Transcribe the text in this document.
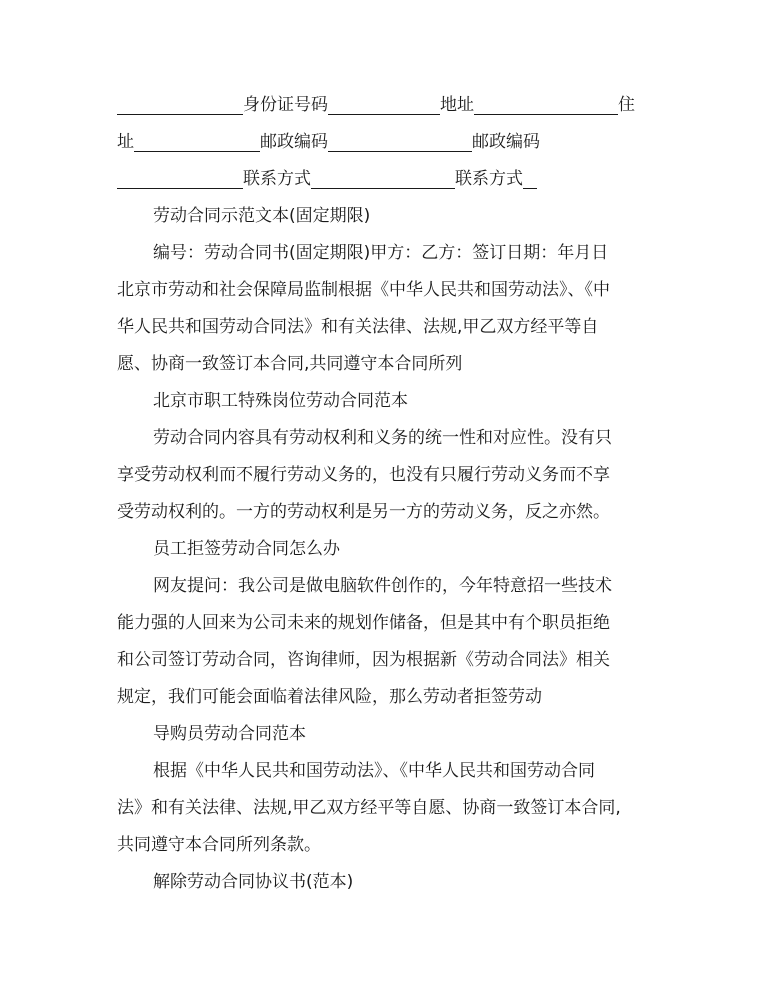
身份证号码	地址	住
址	邮政编码	邮政编码
联系方式	联系方式
劳动合同示范文本(固定期限)
编号：劳动合同书(固定期限)甲方：乙方：签订日期：年月日
北京市劳动和社会保障局监制根据《中华人民共和国劳动法》、《中
华人民共和国劳动合同法》和有关法律、法规,甲乙双方经平等自
愿、协商一致签订本合同,共同遵守本合同所列
北京市职工特殊岗位劳动合同范本
劳动合同内容具有劳动权利和义务的统一性和对应性。没有只
享受劳动权利而不履行劳动义务的，也没有只履行劳动义务而不享
受劳动权利的。一方的劳动权利是另一方的劳动义务，反之亦然。
员工拒签劳动合同怎么办
网友提问：我公司是做电脑软件创作的，今年特意招一些技术
能力强的人回来为公司未来的规划作储备，但是其中有个职员拒绝
和公司签订劳动合同，咨询律师，因为根据新《劳动合同法》相关
规定，我们可能会面临着法律风险，那么劳动者拒签劳动
导购员劳动合同范本
根据《中华人民共和国劳动法》、《中华人民共和国劳动合同
法》和有关法律、法规,甲乙双方经平等自愿、协商一致签订本合同,
共同遵守本合同所列条款。
解除劳动合同协议书(范本)
